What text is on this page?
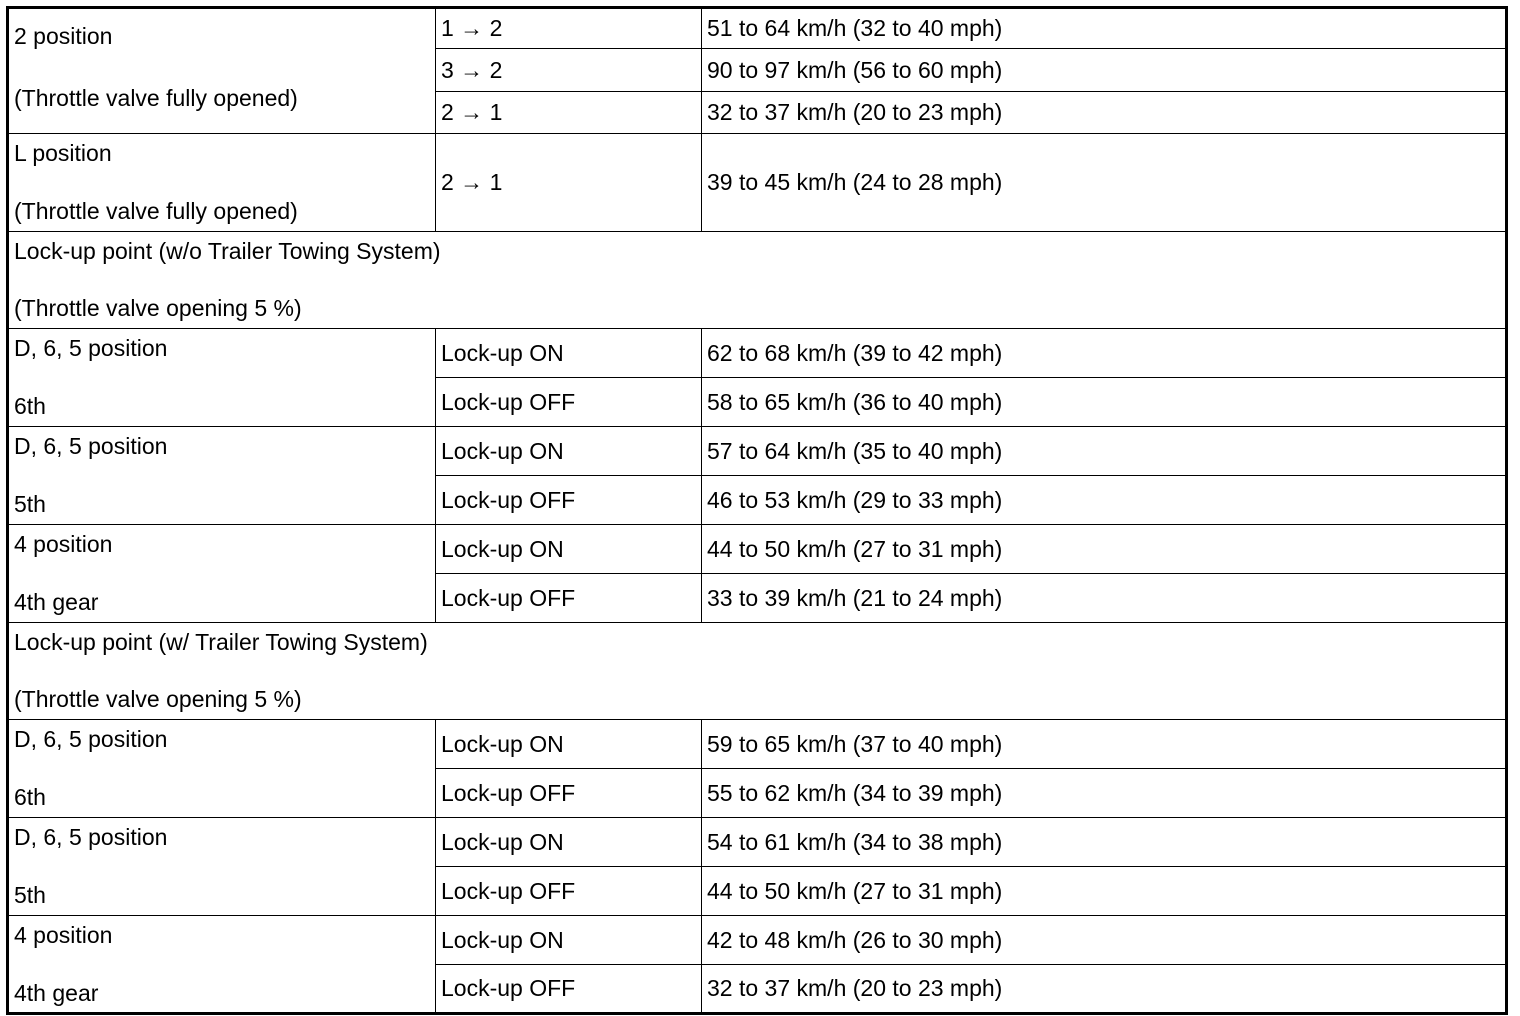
2 position
(Throttle valve fully opened)	1 → 2	51 to 64 km/h (32 to 40 mph)
	3 → 2	90 to 97 km/h (56 to 60 mph)
	2 → 1	32 to 37 km/h (20 to 23 mph)

L position
(Throttle valve fully opened)	2 → 1	39 to 45 km/h (24 to 28 mph)

Lock-up point (w/o Trailer Towing System)
(Throttle valve opening 5 %)		

D, 6, 5 position
6th	Lock-up ON	62 to 68 km/h (39 to 42 mph)
	Lock-up OFF	58 to 65 km/h (36 to 40 mph)

D, 6, 5 position
5th	Lock-up ON	57 to 64 km/h (35 to 40 mph)
	Lock-up OFF	46 to 53 km/h (29 to 33 mph)

4 position
4th gear	Lock-up ON	44 to 50 km/h (27 to 31 mph)
	Lock-up OFF	33 to 39 km/h (21 to 24 mph)

Lock-up point (w/ Trailer Towing System)
(Throttle valve opening 5 %)		

D, 6, 5 position
6th	Lock-up ON	59 to 65 km/h (37 to 40 mph)
	Lock-up OFF	55 to 62 km/h (34 to 39 mph)

D, 6, 5 position
5th	Lock-up ON	54 to 61 km/h (34 to 38 mph)
	Lock-up OFF	44 to 50 km/h (27 to 31 mph)

4 position
4th gear	Lock-up ON	42 to 48 km/h (26 to 30 mph)
	Lock-up OFF	32 to 37 km/h (20 to 23 mph)
